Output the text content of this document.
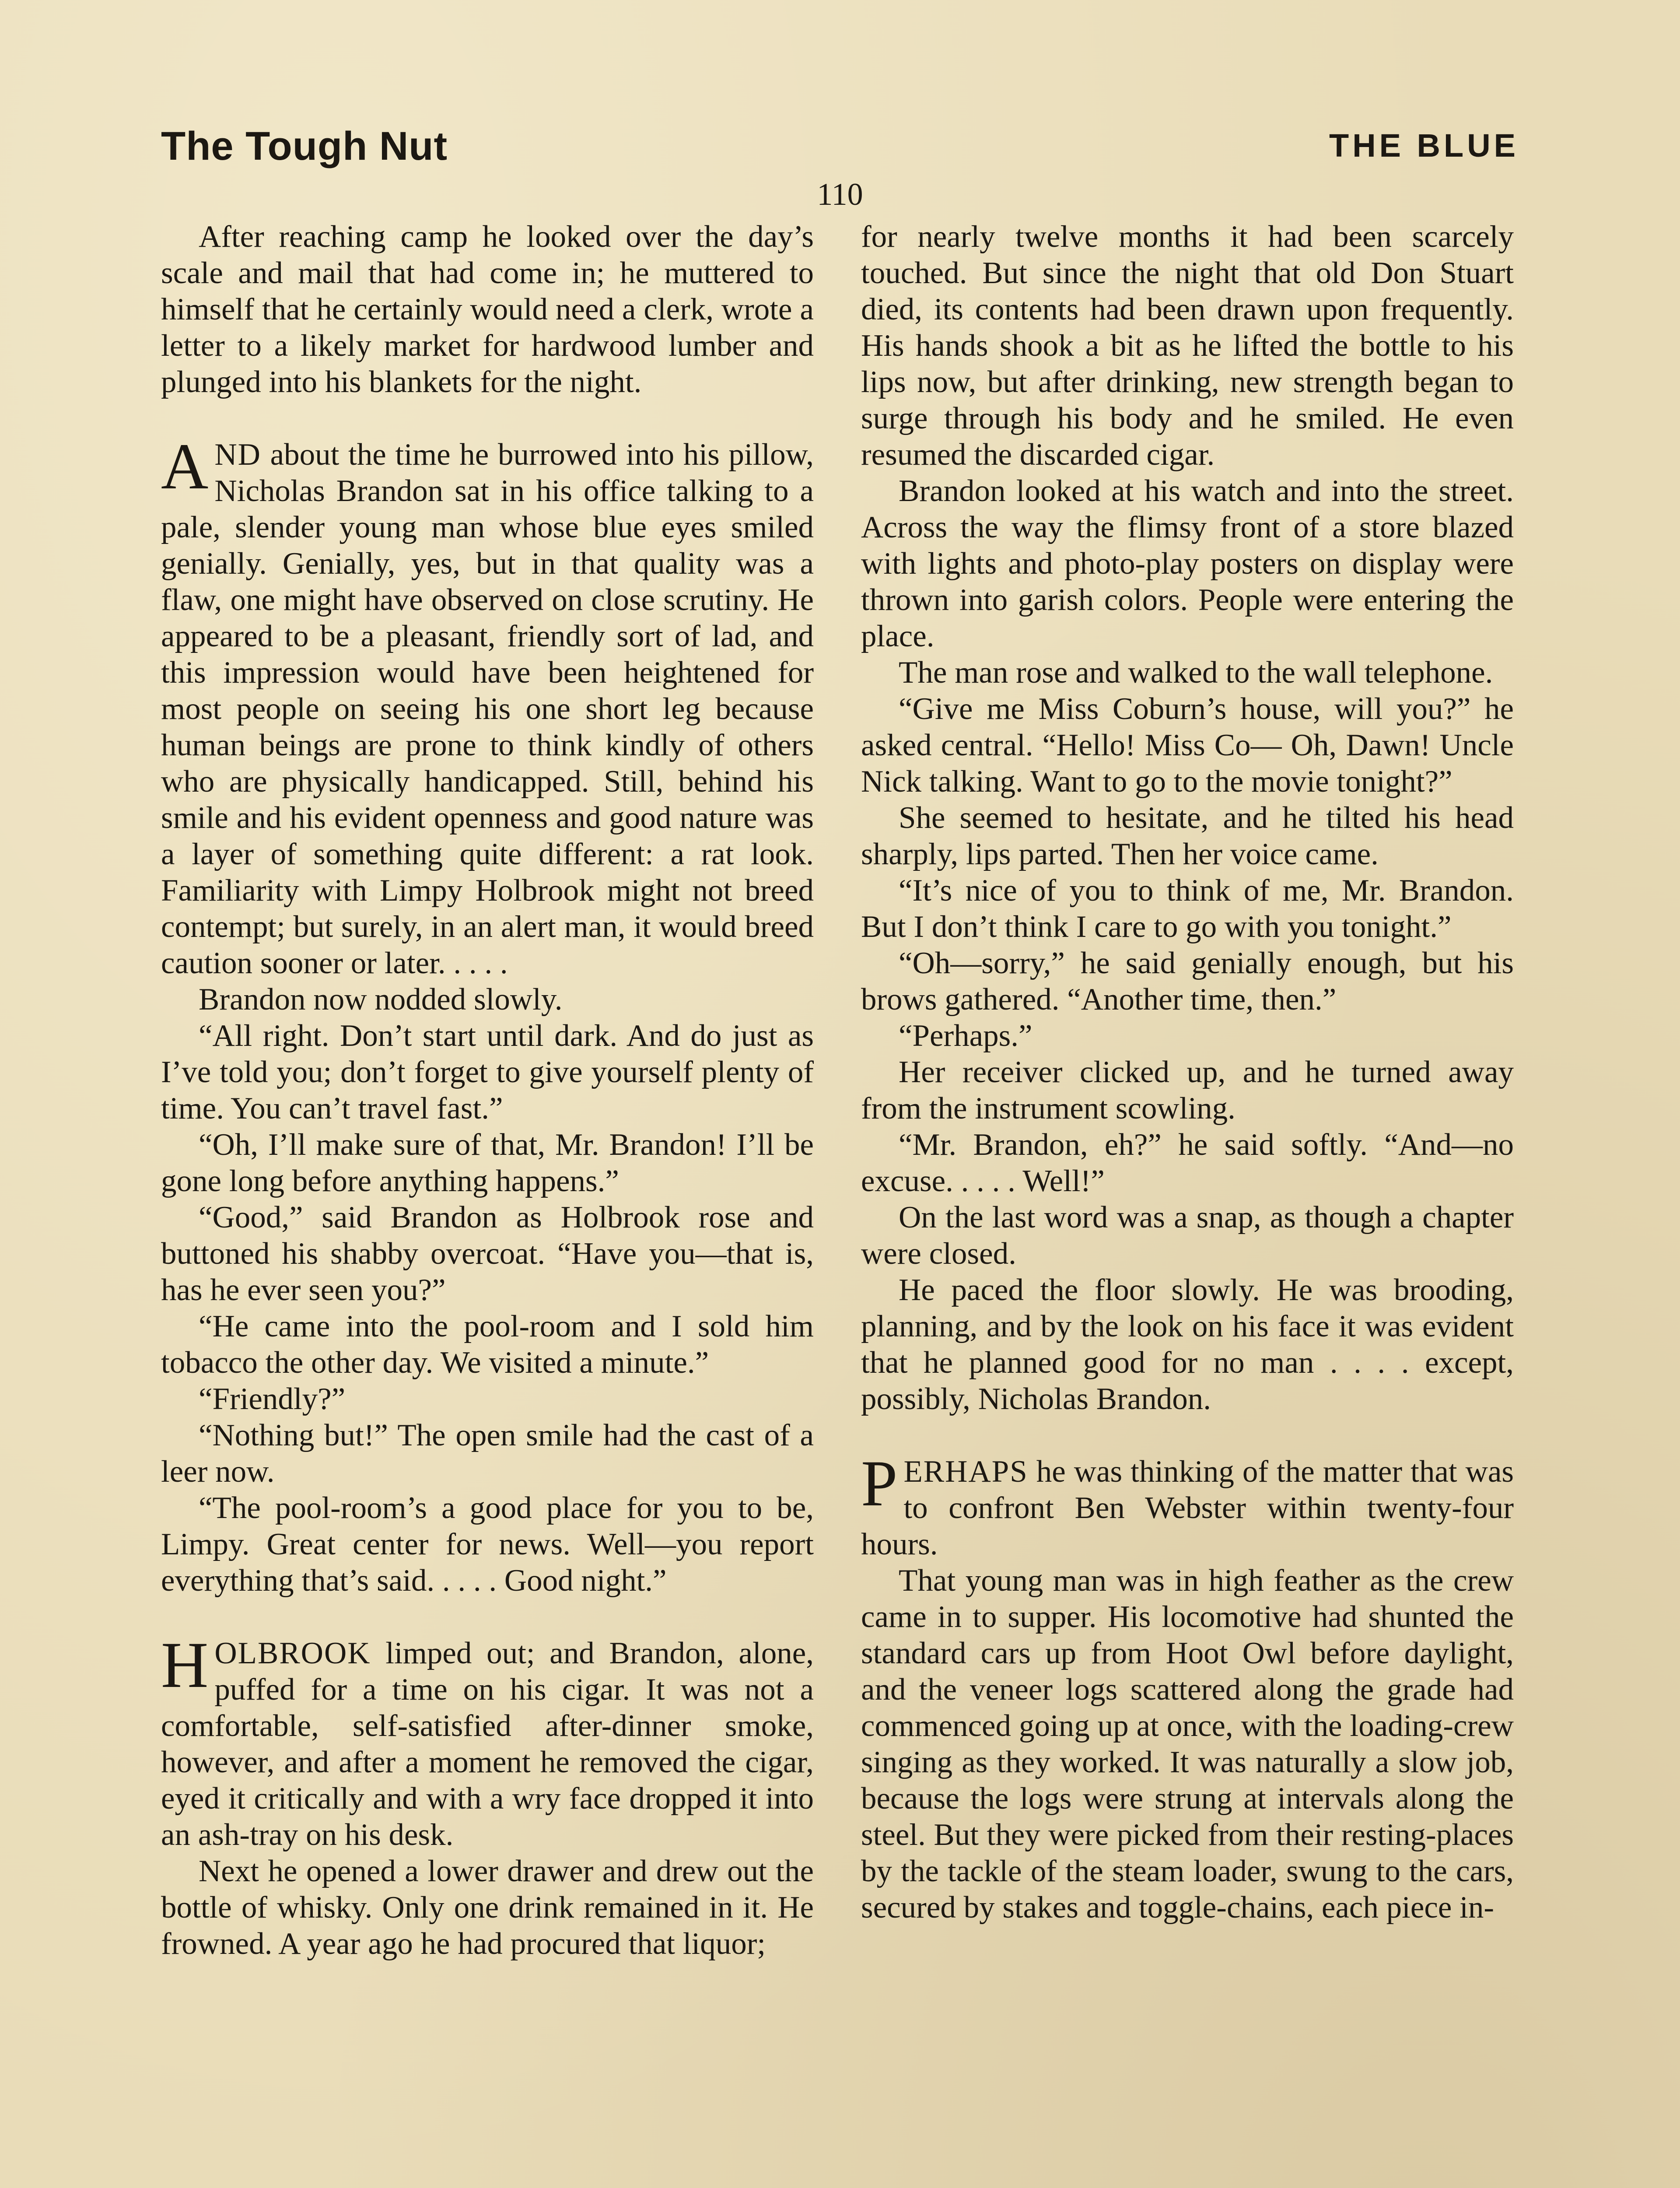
The Tough Nut	THE BLUE
110

After reaching camp he looked over the day’s scale and mail that had come in; he muttered to himself that he certainly would need a clerk, wrote a letter to a likely market for hardwood lumber and plunged into his blankets for the night.

AND about the time he burrowed into his pillow, Nicholas Brandon sat in his office talking to a pale, slender young man whose blue eyes smiled genially. Genially, yes, but in that quality was a flaw, one might have observed on close scrutiny. He appeared to be a pleasant, friendly sort of lad, and this impression would have been heightened for most people on seeing his one short leg because human beings are prone to think kindly of others who are physically handicapped. Still, behind his smile and his evident openness and good nature was a layer of something quite different: a rat look. Familiarity with Limpy Holbrook might not breed contempt; but surely, in an alert man, it would breed caution sooner or later. . . . .

Brandon now nodded slowly.

“All right. Don’t start until dark. And do just as I’ve told you; don’t forget to give yourself plenty of time. You can’t travel fast.”

“Oh, I’ll make sure of that, Mr. Brandon! I’ll be gone long before anything happens.”

“Good,” said Brandon as Holbrook rose and buttoned his shabby overcoat. “Have you—that is, has he ever seen you?”

“He came into the pool-room and I sold him tobacco the other day. We visited a minute.”

“Friendly?”

“Nothing but!” The open smile had the cast of a leer now.

“The pool-room’s a good place for you to be, Limpy. Great center for news. Well—you report everything that’s said. . . . . Good night.”

HOLBROOK limped out; and Brandon, alone, puffed for a time on his cigar. It was not a comfortable, self-satisfied after-dinner smoke, however, and after a moment he removed the cigar, eyed it critically and with a wry face dropped it into an ash-tray on his desk.

Next he opened a lower drawer and drew out the bottle of whisky. Only one drink remained in it. He frowned. A year ago he had procured that liquor;

for nearly twelve months it had been scarcely touched. But since the night that old Don Stuart died, its contents had been drawn upon frequently. His hands shook a bit as he lifted the bottle to his lips now, but after drinking, new strength began to surge through his body and he smiled. He even resumed the discarded cigar.

Brandon looked at his watch and into the street. Across the way the flimsy front of a store blazed with lights and photo-play posters on display were thrown into garish colors. People were entering the place.

The man rose and walked to the wall telephone.

“Give me Miss Coburn’s house, will you?” he asked central. “Hello! Miss Co— Oh, Dawn! Uncle Nick talking. Want to go to the movie tonight?”

She seemed to hesitate, and he tilted his head sharply, lips parted. Then her voice came.

“It’s nice of you to think of me, Mr. Brandon. But I don’t think I care to go with you tonight.”

“Oh—sorry,” he said genially enough, but his brows gathered. “Another time, then.”

“Perhaps.”

Her receiver clicked up, and he turned away from the instrument scowling.

“Mr. Brandon, eh?” he said softly. “And—no excuse. . . . . Well!”

On the last word was a snap, as though a chapter were closed.

He paced the floor slowly. He was brooding, planning, and by the look on his face it was evident that he planned good for no man . . . . except, possibly, Nicholas Brandon.

PERHAPS he was thinking of the matter that was to confront Ben Webster within twenty-four hours.

That young man was in high feather as the crew came in to supper. His locomotive had shunted the standard cars up from Hoot Owl before daylight, and the veneer logs scattered along the grade had commenced going up at once, with the loading-crew singing as they worked. It was naturally a slow job, because the logs were strung at intervals along the steel. But they were picked from their resting-places by the tackle of the steam loader, swung to the cars, secured by stakes and toggle-chains, each piece in-
